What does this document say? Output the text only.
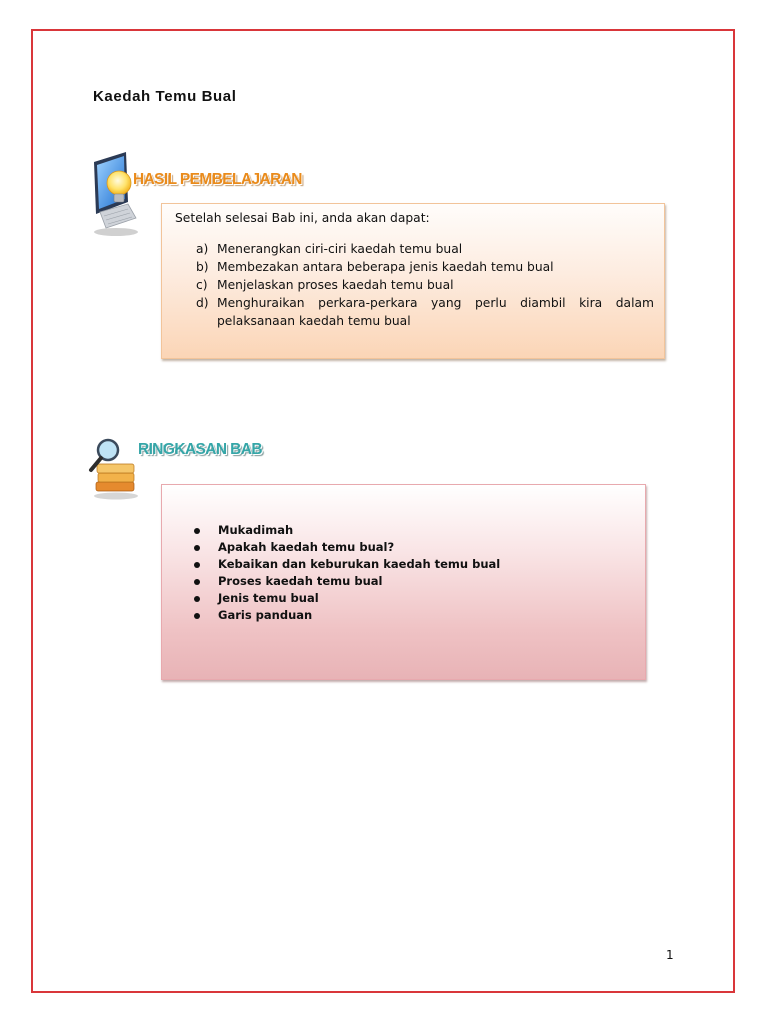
Kaedah Temu Bual
HASIL PEMBELAJARAN

Setelah selesai Bab ini, anda akan dapat:

a) Menerangkan ciri-ciri kaedah temu bual
b) Membezakan antara beberapa jenis kaedah temu bual
c) Menjelaskan proses kaedah temu bual
d) Menghuraikan perkara-perkara yang perlu diambil kira dalam pelaksanaan kaedah temu bual
RINGKASAN BAB
Mukadimah
Apakah kaedah temu bual?
Kebaikan dan keburukan kaedah temu bual
Proses kaedah temu bual
Jenis temu bual
Garis panduan
1
